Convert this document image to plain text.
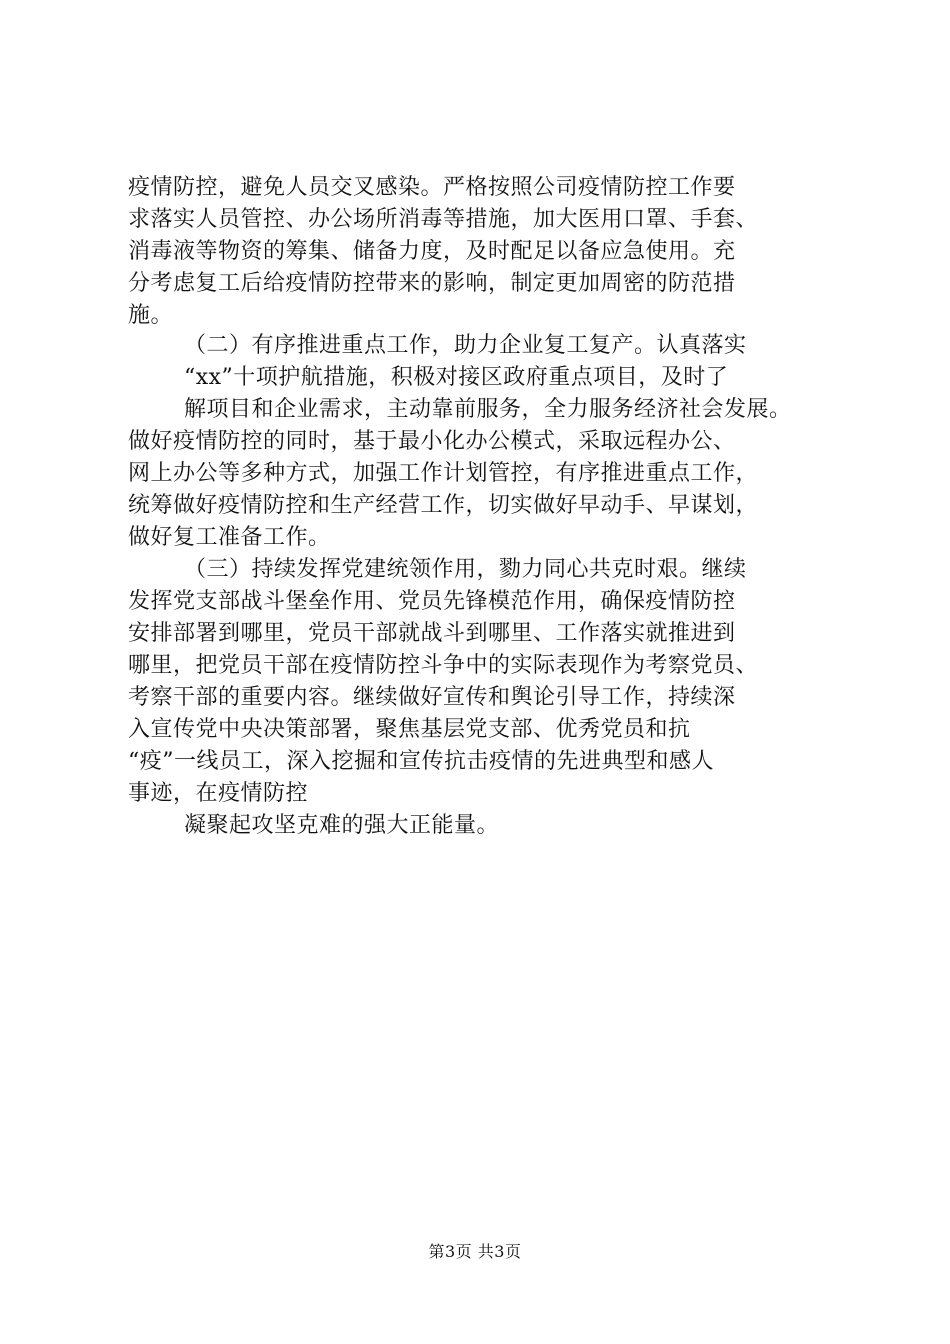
疫情防控，避免人员交叉感染。严格按照公司疫情防控工作要
求落实人员管控、办公场所消毒等措施，加大医用口罩、手套、
消毒液等物资的筹集、储备力度，及时配足以备应急使用。充
分考虑复工后给疫情防控带来的影响，制定更加周密的防范措
施。
（二）有序推进重点工作，助力企业复工复产。认真落实
“xx”十项护航措施，积极对接区政府重点项目，及时了
解项目和企业需求，主动靠前服务，全力服务经济社会发展。
做好疫情防控的同时，基于最小化办公模式，采取远程办公、
网上办公等多种方式，加强工作计划管控，有序推进重点工作，
统筹做好疫情防控和生产经营工作，切实做好早动手、早谋划，
做好复工准备工作。
（三）持续发挥党建统领作用，勠力同心共克时艰。继续
发挥党支部战斗堡垒作用、党员先锋模范作用，确保疫情防控
安排部署到哪里，党员干部就战斗到哪里、工作落实就推进到
哪里，把党员干部在疫情防控斗争中的实际表现作为考察党员、
考察干部的重要内容。继续做好宣传和舆论引导工作，持续深
入宣传党中央决策部署，聚焦基层党支部、优秀党员和抗
“疫”一线员工，深入挖掘和宣传抗击疫情的先进典型和感人
事迹，在疫情防控
凝聚起攻坚克难的强大正能量。
第3页 共3页
